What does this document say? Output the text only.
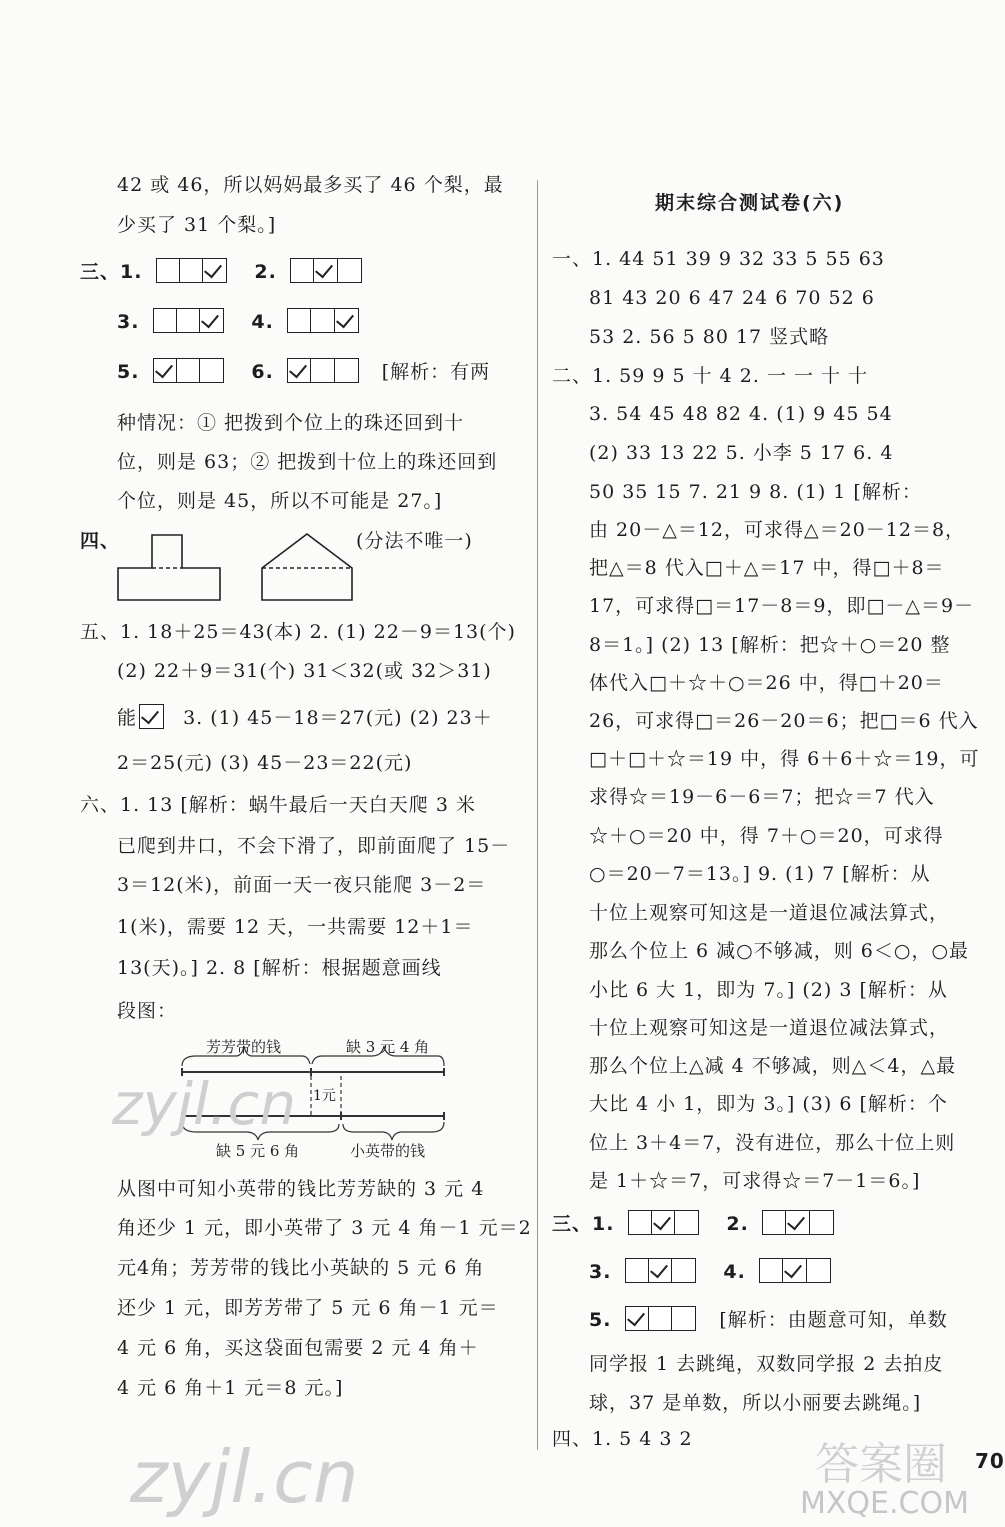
42 或 46，所以妈妈最多买了 46 个梨，最
少买了 31 个梨。]
三、1.	2.
3.	4.
5.	6.	[解析：有两
种情况：① 把拨到个位上的珠还回到十
位，则是 63；② 把拨到十位上的珠还回到
个位，则是 45，所以不可能是 27。]
四、	(分法不唯一)
五、1. 18＋25＝43(本) 2. (1) 22－9＝13(个)
(2) 22＋9＝31(个) 31＜32(或 32＞31)
能 3. (1) 45－18＝27(元) (2) 23＋
2＝25(元) (3) 45－23＝22(元)
六、1. 13 [解析：蜗牛最后一天白天爬 3 米
已爬到井口，不会下滑了，即前面爬了 15－
3＝12(米)，前面一天一夜只能爬 3－2＝
1(米)，需要 12 天，一共需要 12＋1＝
13(天)。] 2. 8 [解析：根据题意画线
段图：
芳芳带的钱	缺 3 元 4 角
1元
缺 5 元 6 角	小英带的钱
从图中可知小英带的钱比芳芳缺的 3 元 4
角还少 1 元，即小英带了 3 元 4 角－1 元＝2
元4角；芳芳带的钱比小英缺的 5 元 6 角
还少 1 元，即芳芳带了 5 元 6 角－1 元＝
4 元 6 角，买这袋面包需要 2 元 4 角＋
4 元 6 角＋1 元＝8 元。]
期末综合测试卷(六)
一、1. 44 51 39 9 32 33 5 55 63
81 43 20 6 47 24 6 70 52 6
53 2. 56 5 80 17 竖式略
二、1. 59 9 5 十 4 2. 一 一 十 十
3. 54 45 48 82 4. (1) 9 45 54
(2) 33 13 22 5. 小李 5 17 6. 4
50 35 15 7. 21 9 8. (1) 1 [解析：
由 20－△＝12，可求得△＝20－12＝8，
把△＝8 代入□＋△＝17 中，得□＋8＝
17，可求得□＝17－8＝9，即□－△＝9－
8＝1。] (2) 13 [解析：把☆＋○＝20 整
体代入□＋☆＋○＝26 中，得□＋20＝
26，可求得□＝26－20＝6；把□＝6 代入
□＋□＋☆＝19 中，得 6＋6＋☆＝19，可
求得☆＝19－6－6＝7；把☆＝7 代入
☆＋○＝20 中，得 7＋○＝20，可求得
○＝20－7＝13。] 9. (1) 7 [解析：从
十位上观察可知这是一道退位减法算式，
那么个位上 6 减○不够减，则 6＜○，○最
小比 6 大 1，即为 7。] (2) 3 [解析：从
十位上观察可知这是一道退位减法算式，
那么个位上△减 4 不够减，则△＜4，△最
大比 4 小 1，即为 3。] (3) 6 [解析：个
位上 3＋4＝7，没有进位，那么十位上则
是 1＋☆＝7，可求得☆＝7－1＝6。]
三、1.	2.
3.	4.
5.	[解析：由题意可知，单数
同学报 1 去跳绳，双数同学报 2 去拍皮
球，37 是单数，所以小丽要去跳绳。]
四、1. 5 4 3 2
zyjl.cn
zyjl.cn	答案圈
MXQE.COM
70
